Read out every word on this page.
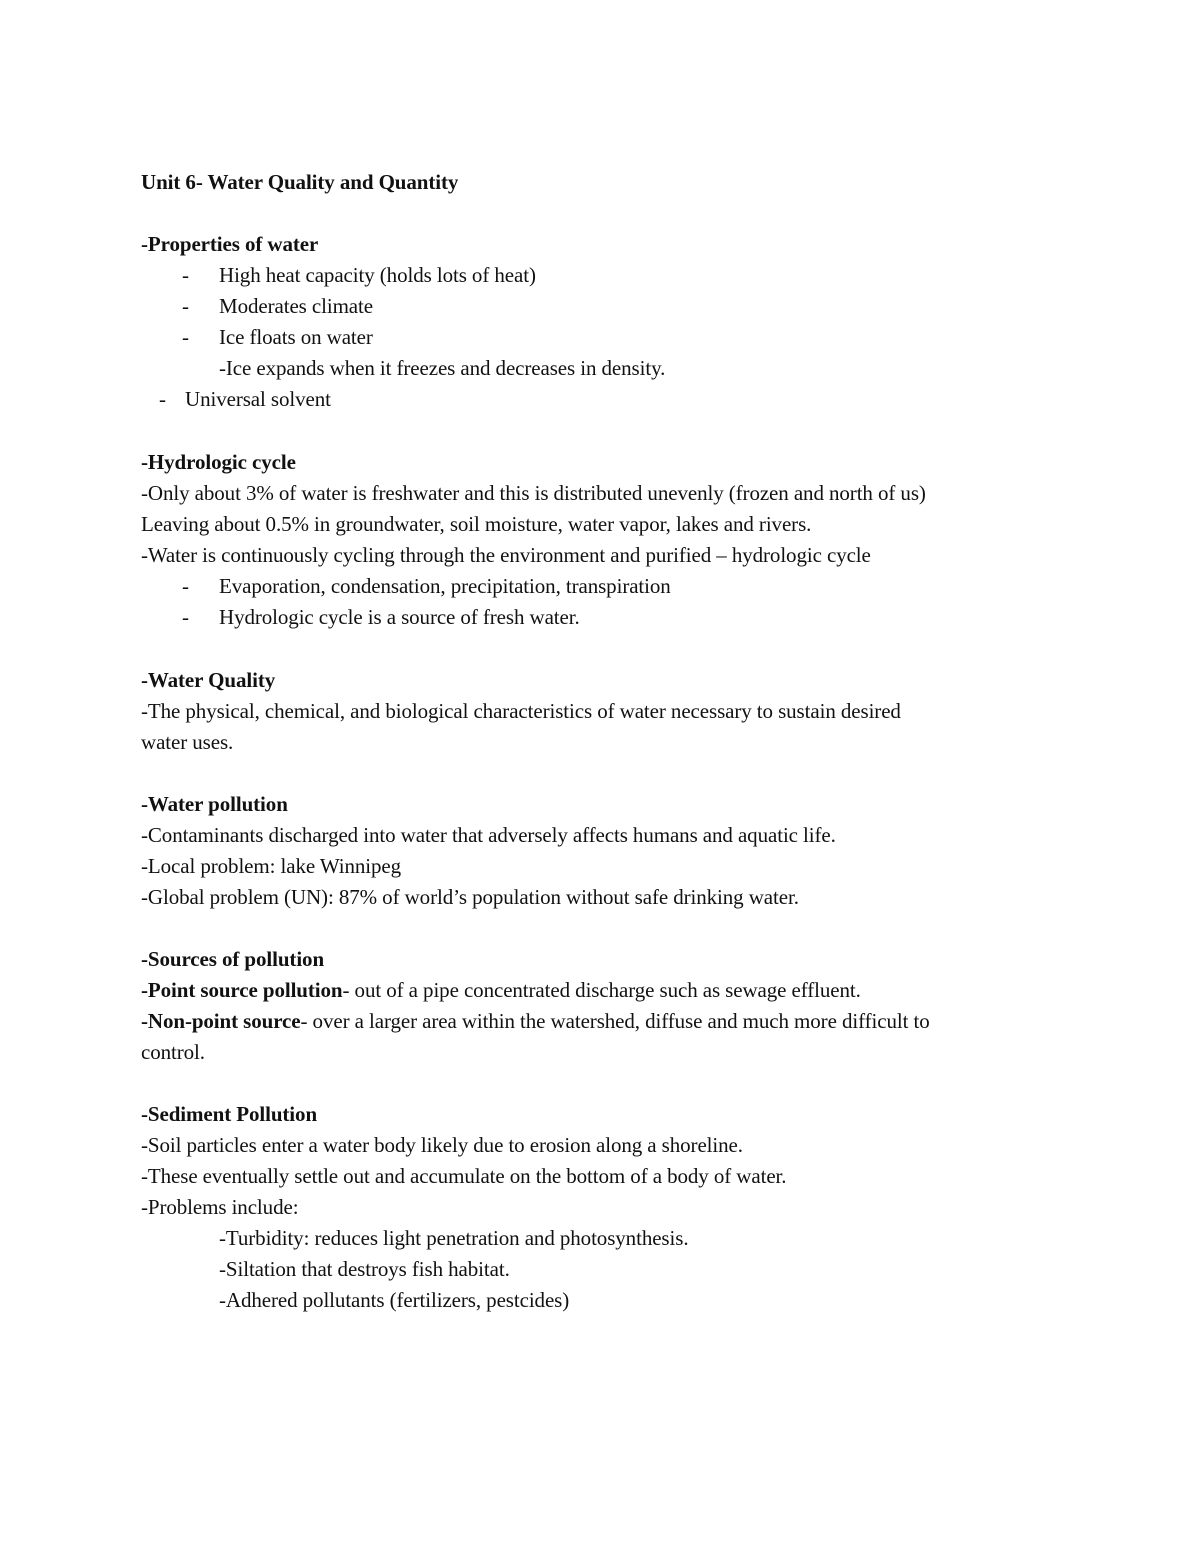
Unit 6- Water Quality and Quantity
-Properties of water
- High heat capacity (holds lots of heat)
- Moderates climate
- Ice floats on water
-Ice expands when it freezes and decreases in density.
- Universal solvent
-Hydrologic cycle
-Only about 3% of water is freshwater and this is distributed unevenly (frozen and north of us)
Leaving about 0.5% in groundwater, soil moisture, water vapor, lakes and rivers.
-Water is continuously cycling through the environment and purified – hydrologic cycle
- Evaporation, condensation, precipitation, transpiration
- Hydrologic cycle is a source of fresh water.
-Water Quality
-The physical, chemical, and biological characteristics of water necessary to sustain desired
water uses.
-Water pollution
-Contaminants discharged into water that adversely affects humans and aquatic life.
-Local problem: lake Winnipeg
-Global problem (UN): 87% of world’s population without safe drinking water.
-Sources of pollution
-Point source pollution- out of a pipe concentrated discharge such as sewage effluent.
-Non-point source- over a larger area within the watershed, diffuse and much more difficult to
control.
-Sediment Pollution
-Soil particles enter a water body likely due to erosion along a shoreline.
-These eventually settle out and accumulate on the bottom of a body of water.
-Problems include:
-Turbidity: reduces light penetration and photosynthesis.
-Siltation that destroys fish habitat.
-Adhered pollutants (fertilizers, pestcides)
